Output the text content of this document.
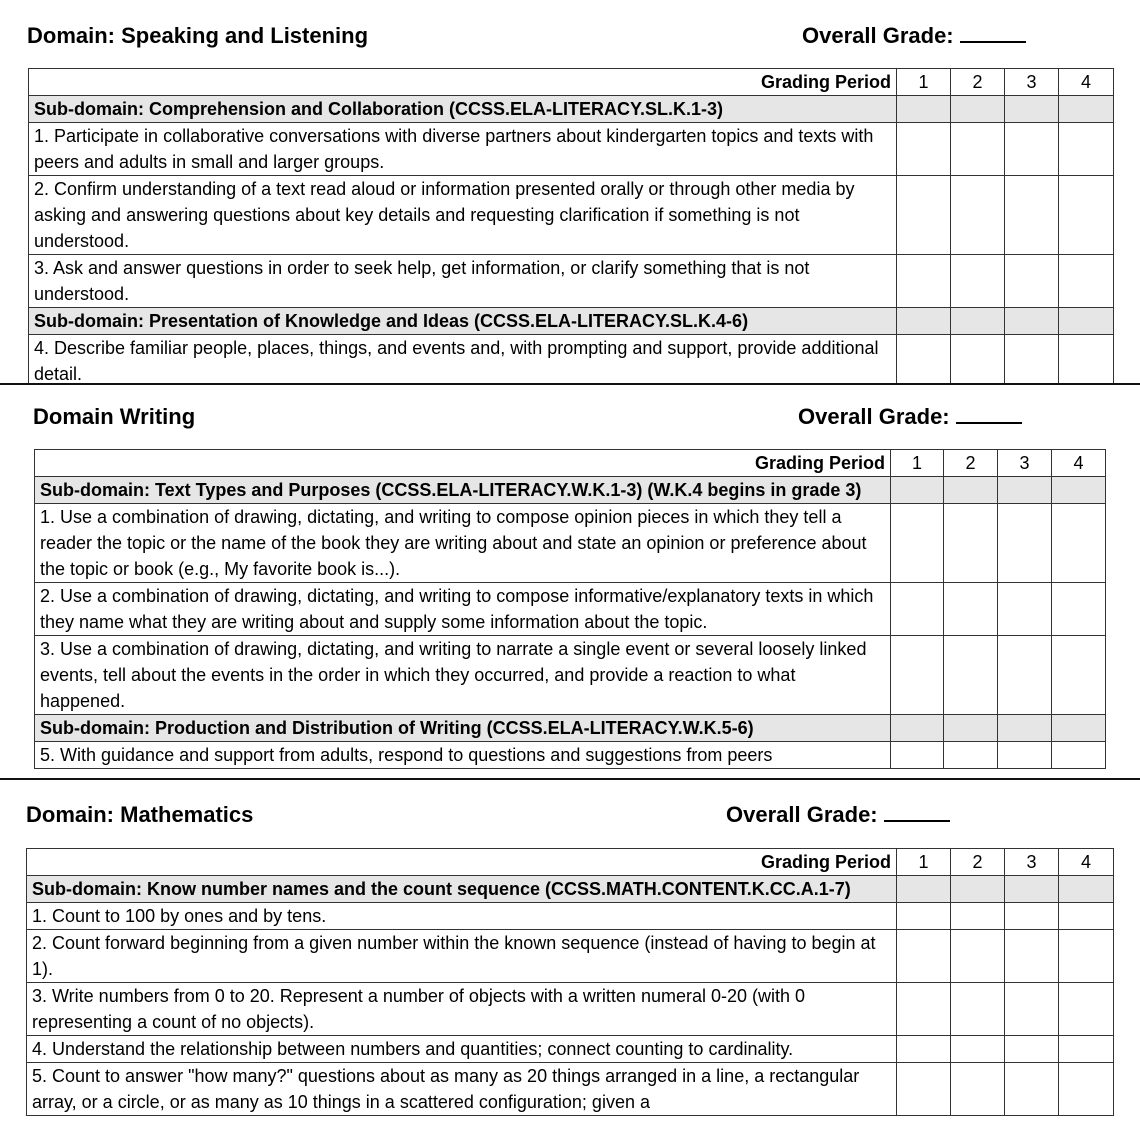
Domain: Speaking and Listening	Overall Grade:
Grading Period	1	2	3	4
Sub-domain: Comprehension and Collaboration (CCSS.ELA-LITERACY.SL.K.1-3)				
1. Participate in collaborative conversations with diverse partners about kindergarten topics and texts with peers and adults in small and larger groups.				
2. Confirm understanding of a text read aloud or information presented orally or through other media by asking and answering questions about key details and requesting clarification if something is not understood.				
3. Ask and answer questions in order to seek help, get information, or clarify something that is not understood.				
Sub-domain: Presentation of Knowledge and Ideas (CCSS.ELA-LITERACY.SL.K.4-6)				
4. Describe familiar people, places, things, and events and, with prompting and support, provide additional detail.				
Domain Writing	Overall Grade:
Grading Period	1	2	3	4
Sub-domain: Text Types and Purposes (CCSS.ELA-LITERACY.W.K.1-3) (W.K.4 begins in grade 3)				
1. Use a combination of drawing, dictating, and writing to compose opinion pieces in which they tell a reader the topic or the name of the book they are writing about and state an opinion or preference about the topic or book (e.g., My favorite book is...).				
2. Use a combination of drawing, dictating, and writing to compose informative/explanatory texts in which they name what they are writing about and supply some information about the topic.				
3. Use a combination of drawing, dictating, and writing to narrate a single event or several loosely linked events, tell about the events in the order in which they occurred, and provide a reaction to what happened.				
Sub-domain: Production and Distribution of Writing (CCSS.ELA-LITERACY.W.K.5-6)				
5. With guidance and support from adults, respond to questions and suggestions from peers				
Domain: Mathematics	Overall Grade:
Grading Period	1	2	3	4
Sub-domain: Know number names and the count sequence (CCSS.MATH.CONTENT.K.CC.A.1-7)				
1. Count to 100 by ones and by tens.				
2. Count forward beginning from a given number within the known sequence (instead of having to begin at 1).				
3. Write numbers from 0 to 20. Represent a number of objects with a written numeral 0-20 (with 0 representing a count of no objects).				
4. Understand the relationship between numbers and quantities; connect counting to cardinality.				
5. Count to answer "how many?" questions about as many as 20 things arranged in a line, a rectangular array, or a circle, or as many as 10 things in a scattered configuration; given a				
